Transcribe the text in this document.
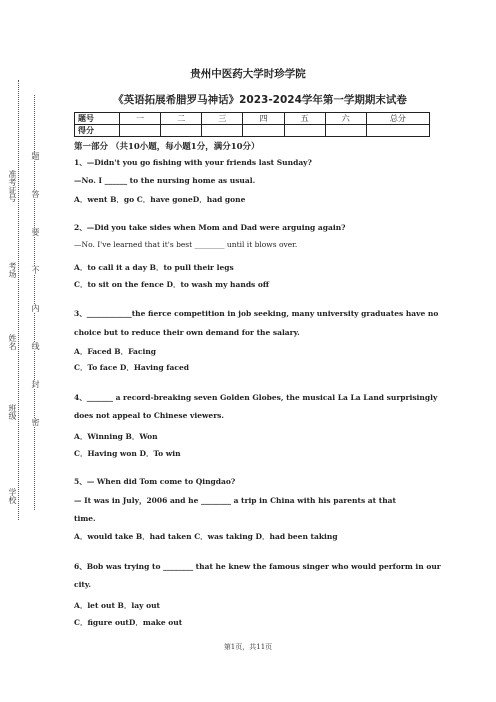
准考证号
考场
姓名
班级
学校
题
答
要
不
内
线
封
密
贵州中医药大学时珍学院
《英语拓展希腊罗马神话》2023-2024学年第一学期期末试卷
题号	一	二	三	四	五	六	总分
得分							
第一部分 （共10小题，每小题1分，满分10分）
1、—Didn't you go fishing with your friends last Sunday?
—No. I ______ to the nursing home as usual.
A．went B．go C．have goneD．had gone
2、—Did you take sides when Mom and Dad were arguing again?
—No. I've learned that it's best ________ until it blows over.
A．to call it a day B．to pull their legs
C．to sit on the fence D．to wash my hands off
3、____________the fierce competition in job seeking, many university graduates have no
choice but to reduce their own demand for the salary.
A．Faced B．Facing
C．To face D．Having faced
4、_______ a record-breaking seven Golden Globes, the musical La La Land surprisingly
does not appeal to Chinese viewers.
A．Winning B．Won
C．Having won D．To win
5、— When did Tom come to Qingdao?
— It was in July，2006 and he ________ a trip in China with his parents at that
time.
A．would take B．had taken C．was taking D．had been taking
6、Bob was trying to ________ that he knew the famous singer who would perform in our
city.
A．let out B．lay out
C．figure outD．make out
第1页，共11页
